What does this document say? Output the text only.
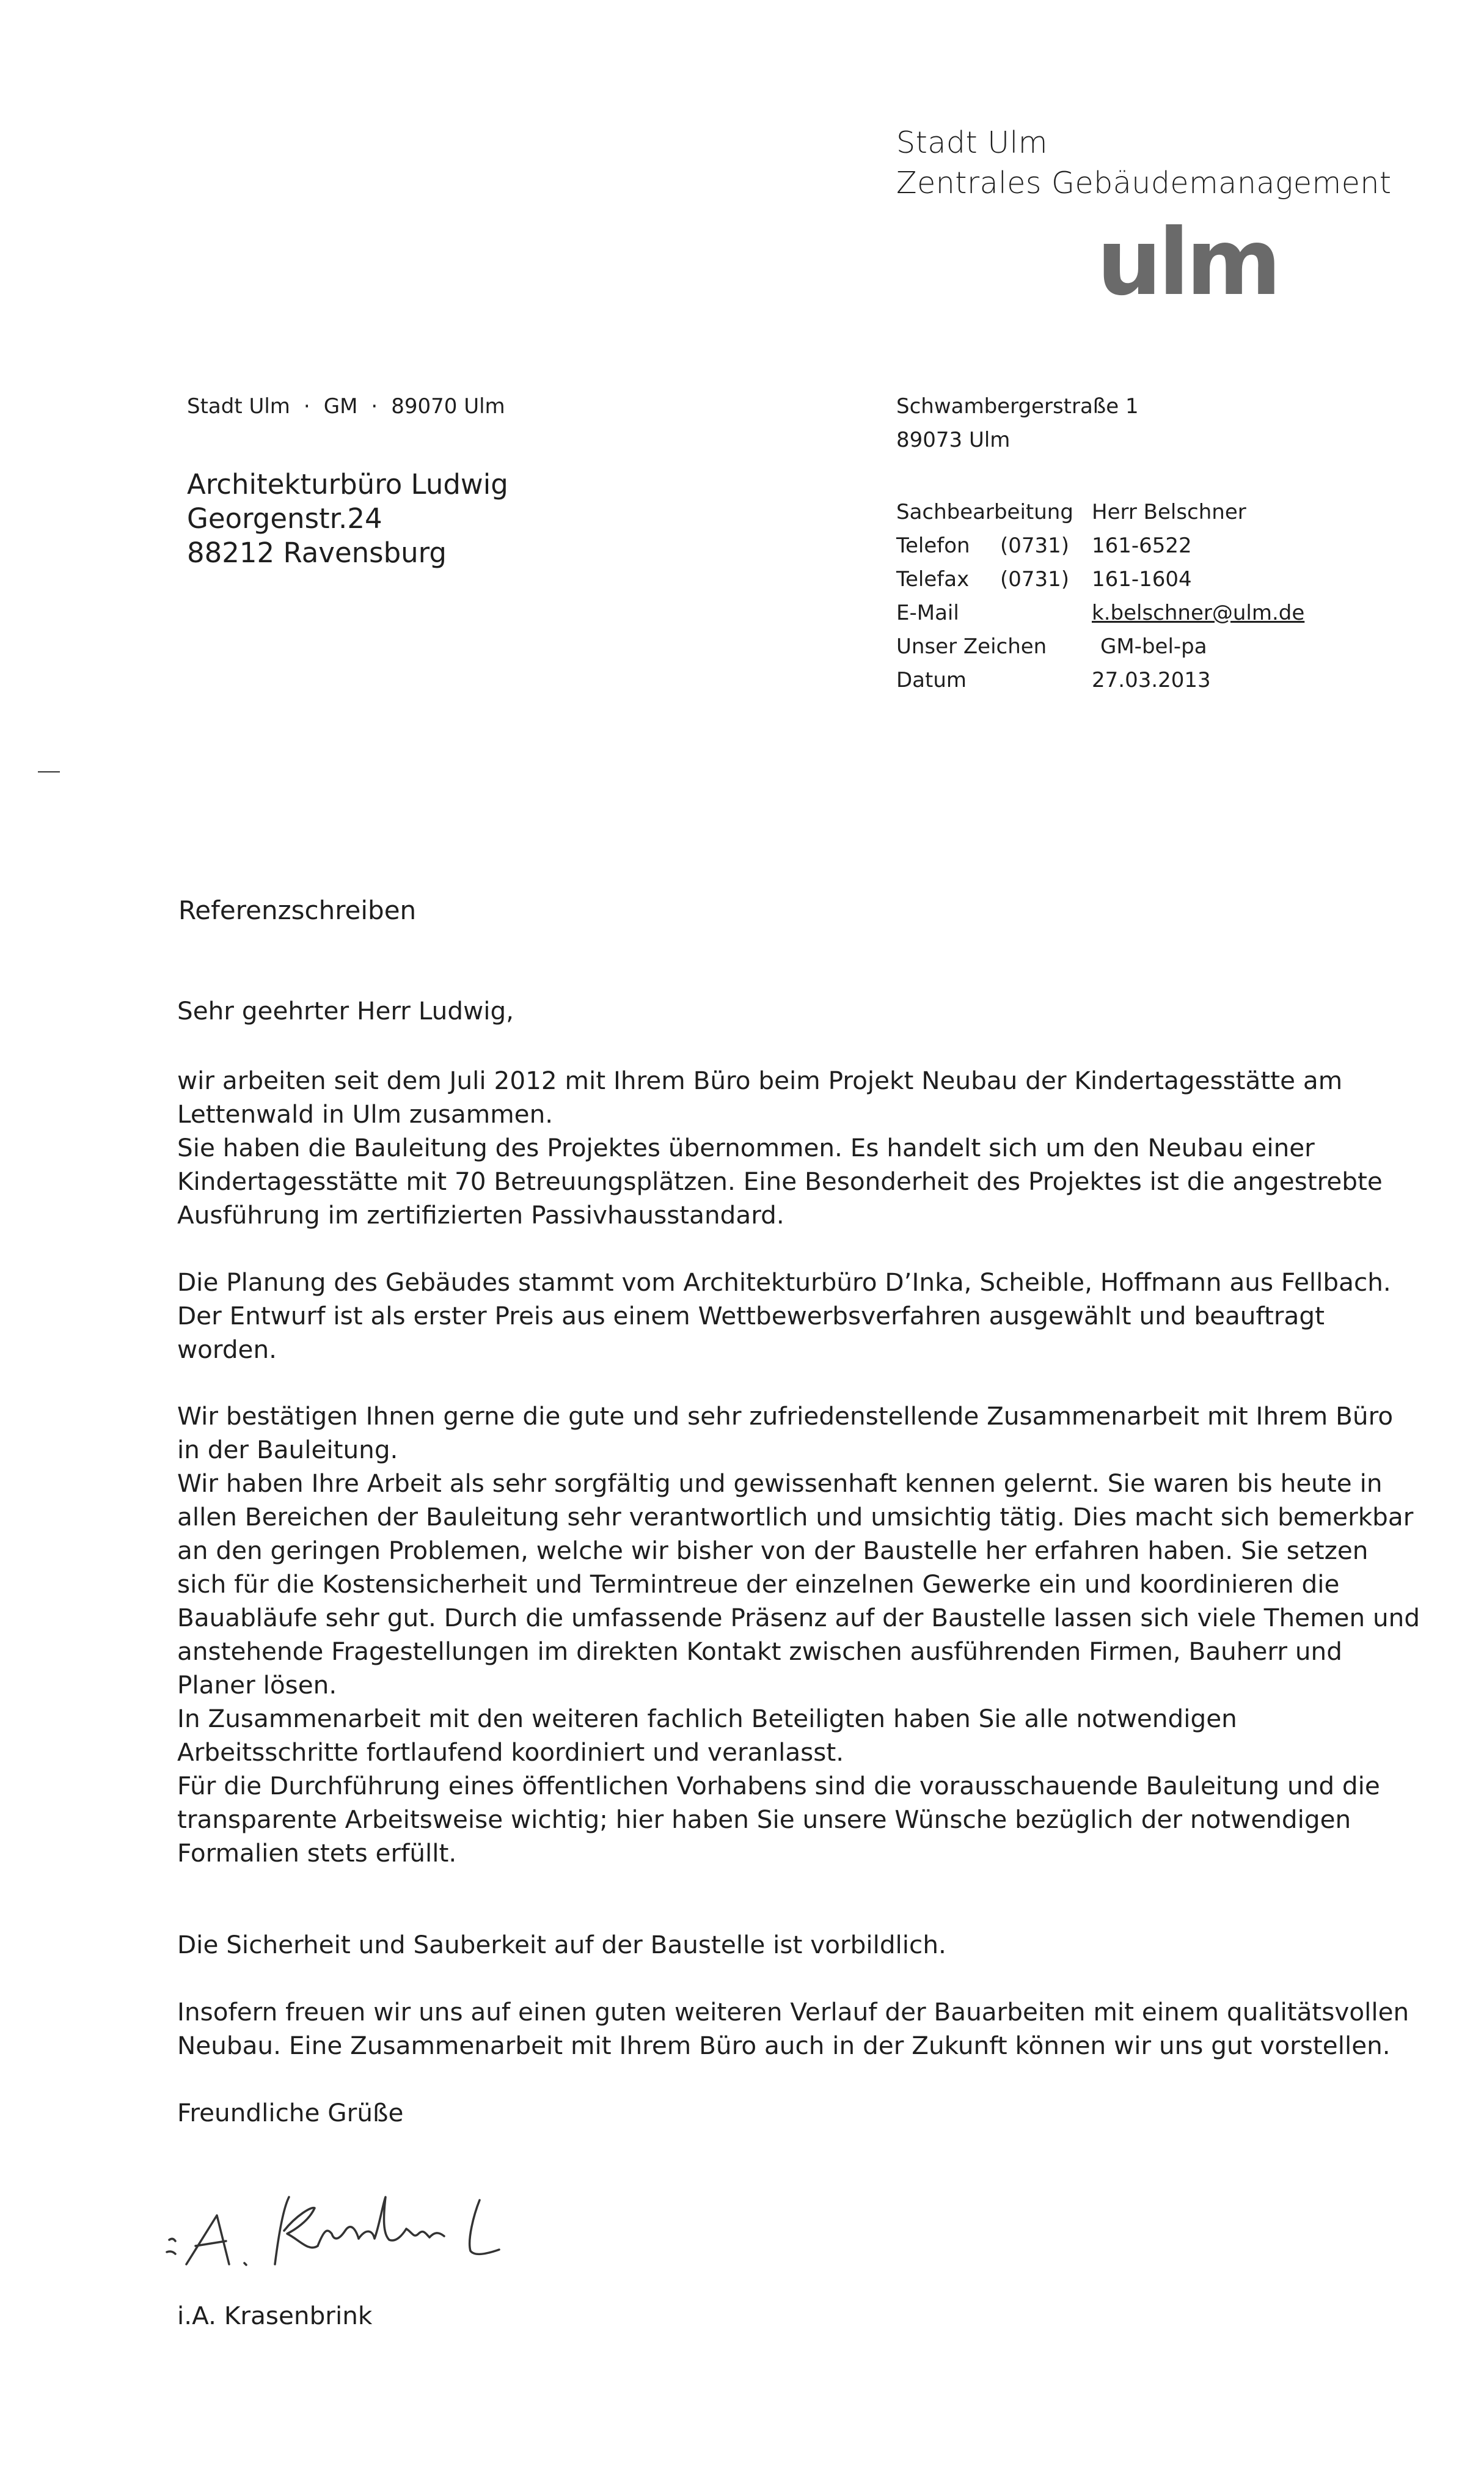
Stadt Ulm
Zentrales Gebäudemanagement
ulm
Stadt Ulm · GM · 89070 Ulm
Architekturbüro Ludwig
Georgenstr.24
88212 Ravensburg
Schwambergerstraße 1
89073 Ulm
Sachbearbeitung Herr Belschner
Telefon (0731) 161-6522
Telefax (0731) 161-1604
E-Mail	k.belschner@ulm.de
Unser Zeichen	GM-bel-pa
Datum	27.03.2013
Referenzschreiben
Sehr geehrter Herr Ludwig,
wir arbeiten seit dem Juli 2012 mit Ihrem Büro beim Projekt Neubau der Kindertagesstätte am
Lettenwald in Ulm zusammen.
Sie haben die Bauleitung des Projektes übernommen. Es handelt sich um den Neubau einer
Kindertagesstätte mit 70 Betreuungsplätzen. Eine Besonderheit des Projektes ist die angestrebte
Ausführung im zertifizierten Passivhausstandard.
Die Planung des Gebäudes stammt vom Architekturbüro D’Inka, Scheible, Hoffmann aus Fellbach.
Der Entwurf ist als erster Preis aus einem Wettbewerbsverfahren ausgewählt und beauftragt
worden.
Wir bestätigen Ihnen gerne die gute und sehr zufriedenstellende Zusammenarbeit mit Ihrem Büro
in der Bauleitung.
Wir haben Ihre Arbeit als sehr sorgfältig und gewissenhaft kennen gelernt. Sie waren bis heute in
allen Bereichen der Bauleitung sehr verantwortlich und umsichtig tätig. Dies macht sich bemerkbar
an den geringen Problemen, welche wir bisher von der Baustelle her erfahren haben. Sie setzen
sich für die Kostensicherheit und Termintreue der einzelnen Gewerke ein und koordinieren die
Bauabläufe sehr gut. Durch die umfassende Präsenz auf der Baustelle lassen sich viele Themen und
anstehende Fragestellungen im direkten Kontakt zwischen ausführenden Firmen, Bauherr und
Planer lösen.
In Zusammenarbeit mit den weiteren fachlich Beteiligten haben Sie alle notwendigen
Arbeitsschritte fortlaufend koordiniert und veranlasst.
Für die Durchführung eines öffentlichen Vorhabens sind die vorausschauende Bauleitung und die
transparente Arbeitsweise wichtig; hier haben Sie unsere Wünsche bezüglich der notwendigen
Formalien stets erfüllt.
Die Sicherheit und Sauberkeit auf der Baustelle ist vorbildlich.
Insofern freuen wir uns auf einen guten weiteren Verlauf der Bauarbeiten mit einem qualitätsvollen
Neubau. Eine Zusammenarbeit mit Ihrem Büro auch in der Zukunft können wir uns gut vorstellen.
Freundliche Grüße
i.A. Krasenbrink
